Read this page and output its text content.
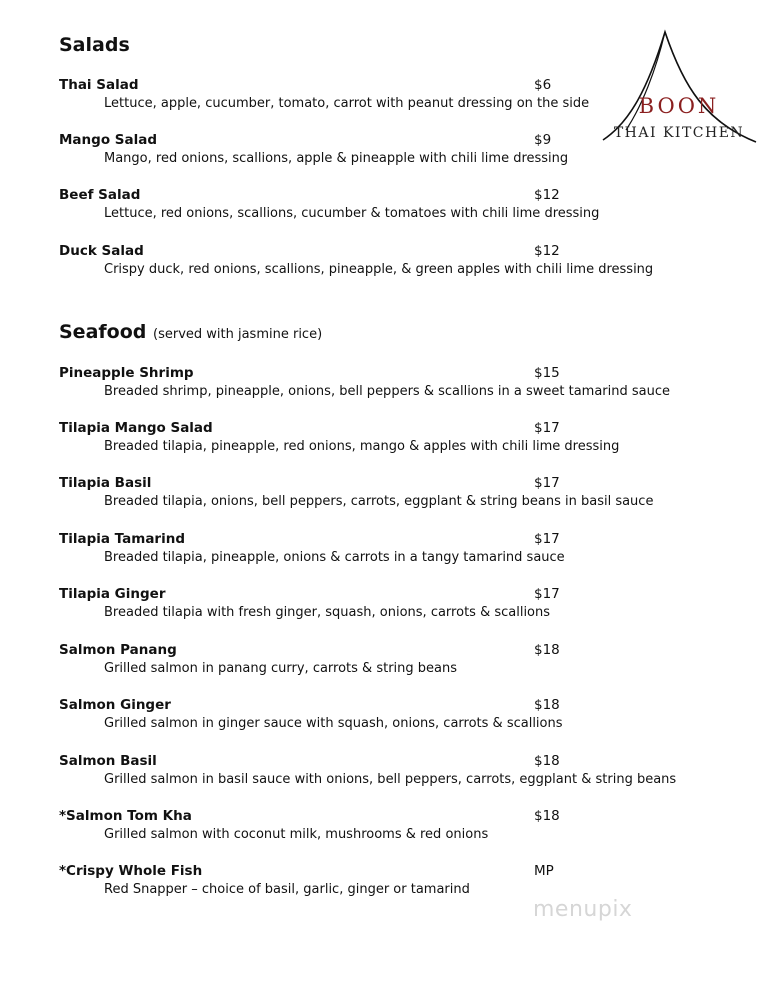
BOON
THAI KITCHEN
Salads
Thai Salad	$6
Lettuce, apple, cucumber, tomato, carrot with peanut dressing on the side
Mango Salad	$9
Mango, red onions, scallions, apple & pineapple with chili lime dressing
Beef Salad	$12
Lettuce, red onions, scallions, cucumber & tomatoes with chili lime dressing
Duck Salad	$12
Crispy duck, red onions, scallions, pineapple, & green apples with chili lime dressing
Seafood (served with jasmine rice)
Pineapple Shrimp	$15
Breaded shrimp, pineapple, onions, bell peppers & scallions in a sweet tamarind sauce
Tilapia Mango Salad	$17
Breaded tilapia, pineapple, red onions, mango & apples with chili lime dressing
Tilapia Basil	$17
Breaded tilapia, onions, bell peppers, carrots, eggplant & string beans in basil sauce
Tilapia Tamarind	$17
Breaded tilapia, pineapple, onions & carrots in a tangy tamarind sauce
Tilapia Ginger	$17
Breaded tilapia with fresh ginger, squash, onions, carrots & scallions
Salmon Panang	$18
Grilled salmon in panang curry, carrots & string beans
Salmon Ginger	$18
Grilled salmon in ginger sauce with squash, onions, carrots & scallions
Salmon Basil	$18
Grilled salmon in basil sauce with onions, bell peppers, carrots, eggplant & string beans
*Salmon Tom Kha	$18
Grilled salmon with coconut milk, mushrooms & red onions
*Crispy Whole Fish	MP
Red Snapper – choice of basil, garlic, ginger or tamarind
menupix
